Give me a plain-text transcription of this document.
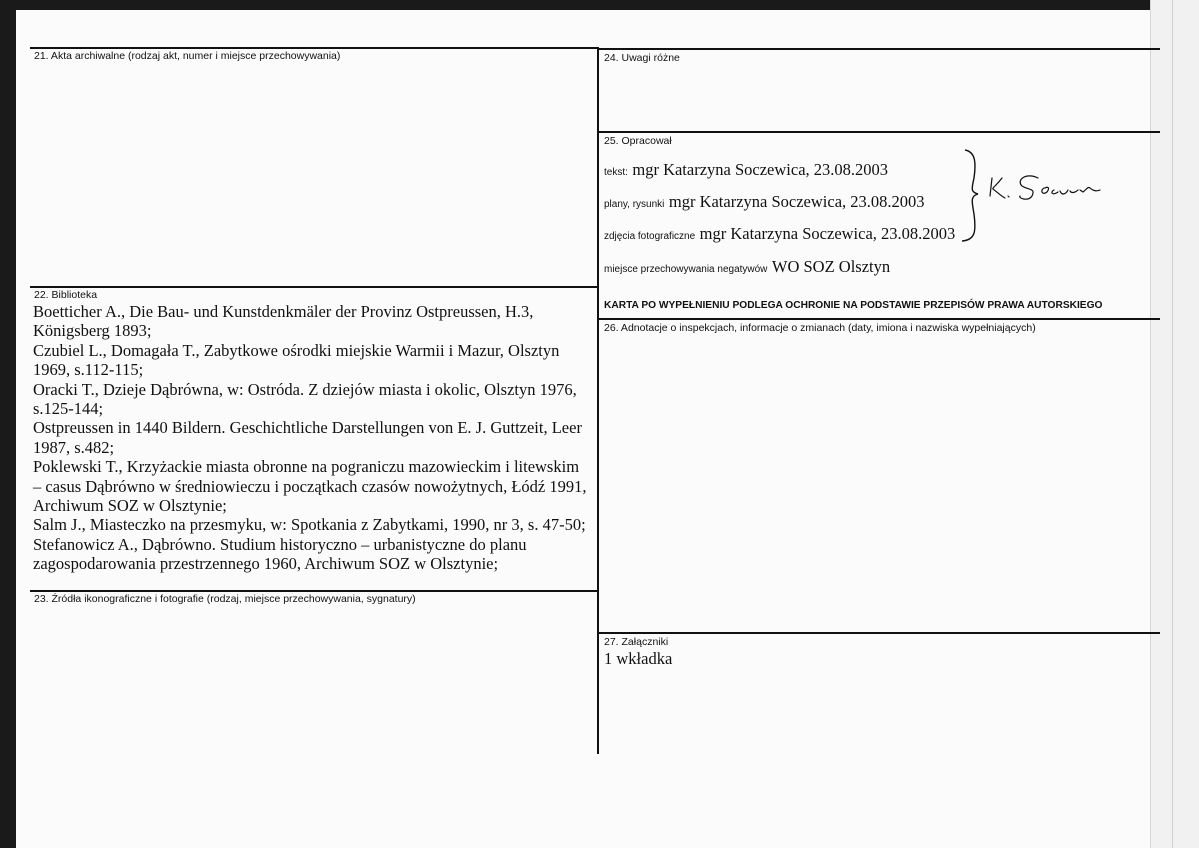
21. Akta archiwalne (rodzaj akt, numer i miejsce przechowywania)
22. Biblioteka
Boetticher A., Die Bau- und Kunstdenkmäler der Provinz Ostpreussen, H.3,
Königsberg 1893;
Czubiel L., Domagała T., Zabytkowe ośrodki miejskie Warmii i Mazur, Olsztyn
1969, s.112-115;
Oracki T., Dzieje Dąbrówna, w: Ostróda. Z dziejów miasta i okolic, Olsztyn 1976,
s.125-144;
Ostpreussen in 1440 Bildern. Geschichtliche Darstellungen von E. J. Guttzeit, Leer
1987, s.482;
Poklewski T., Krzyżackie miasta obronne na pograniczu mazowieckim i litewskim
– casus Dąbrówno w średniowieczu i początkach czasów nowożytnych, Łódź 1991,
Archiwum SOZ w Olsztynie;
Salm J., Miasteczko na przesmyku, w: Spotkania z Zabytkami, 1990, nr 3, s. 47-50;
Stefanowicz A., Dąbrówno. Studium historyczno – urbanistyczne do planu
zagospodarowania przestrzennego 1960, Archiwum SOZ w Olsztynie;
23. Źródła ikonograficzne i fotografie (rodzaj, miejsce przechowywania, sygnatury)
24. Uwagi różne
25. Opracował
tekst: mgr Katarzyna Soczewica, 23.08.2003
plany, rysunki mgr Katarzyna Soczewica, 23.08.2003
zdjęcia fotograficzne mgr Katarzyna Soczewica, 23.08.2003
miejsce przechowywania negatywów WO SOZ Olsztyn
KARTA PO WYPEŁNIENIU PODLEGA OCHRONIE NA PODSTAWIE PRZEPISÓW PRAWA AUTORSKIEGO
26. Adnotacje o inspekcjach, informacje o zmianach (daty, imiona i nazwiska wypełniających)
27. Załączniki
1 wkładka
